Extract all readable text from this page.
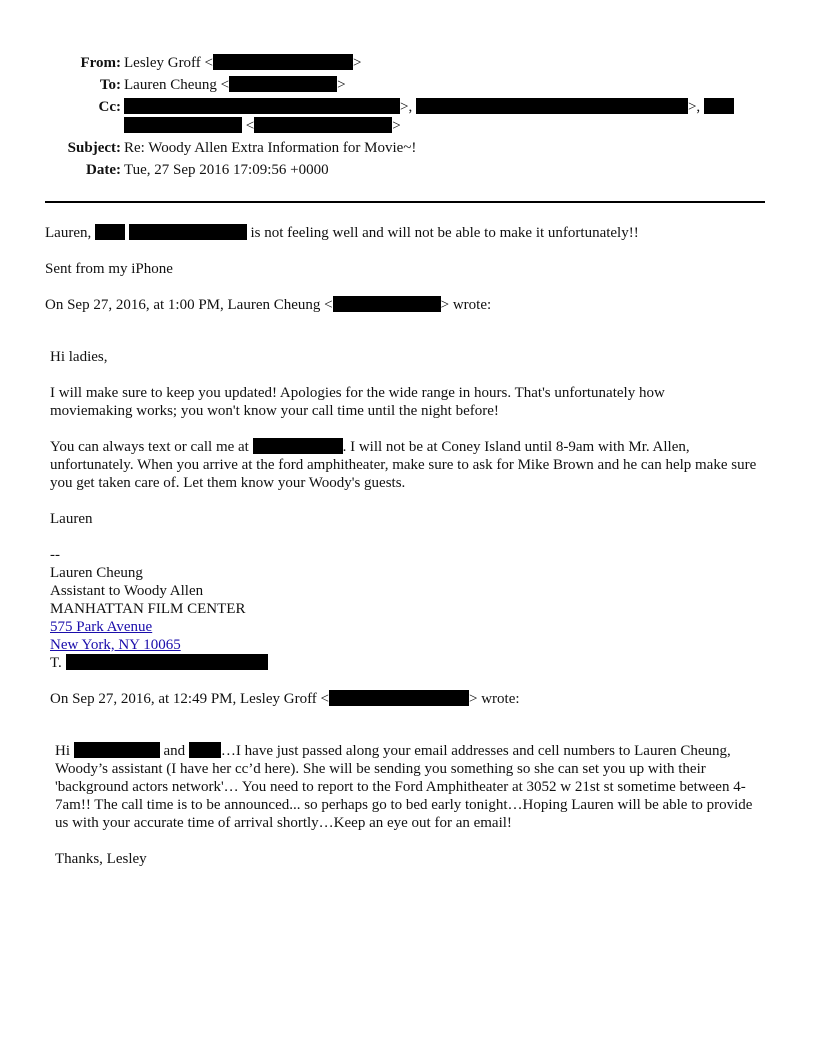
From: Lesley Groff <	>
To: Lauren Cheung <	>
Cc:	>,	>,
<	>
Subject: Re: Woody Allen Extra Information for Movie~!
Date: Tue, 27 Sep 2016 17:09:56 +0000
Lauren,	is not feeling well and will not be able to make it unfortunately!!
Sent from my iPhone
On Sep 27, 2016, at 1:00 PM, Lauren Cheung <	> wrote:
Hi ladies,
I will make sure to keep you updated! Apologies for the wide range in hours. That's unfortunately how moviemaking works; you won't know your call time until the night before!
You can always text or call me at	. I will not be at Coney Island until 8-9am with Mr. Allen, unfortunately. When you arrive at the ford amphitheater, make sure to ask for Mike Brown and he can help make sure you get taken care of. Let them know your Woody's guests.
Lauren
--
Lauren Cheung
Assistant to Woody Allen
MANHATTAN FILM CENTER
575 Park Avenue
New York, NY 10065
T.
On Sep 27, 2016, at 12:49 PM, Lesley Groff <	> wrote:
Hi	and …I have just passed along your email addresses and cell numbers to Lauren Cheung, Woody’s assistant (I have her cc’d here). She will be sending you something so she can set you up with their 'background actors network'… You need to report to the Ford Amphitheater at 3052 w 21st st sometime between 4-7am!! The call time is to be announced... so perhaps go to bed early tonight…Hoping Lauren will be able to provide us with your accurate time of arrival shortly…Keep an eye out for an email!
Thanks, Lesley
